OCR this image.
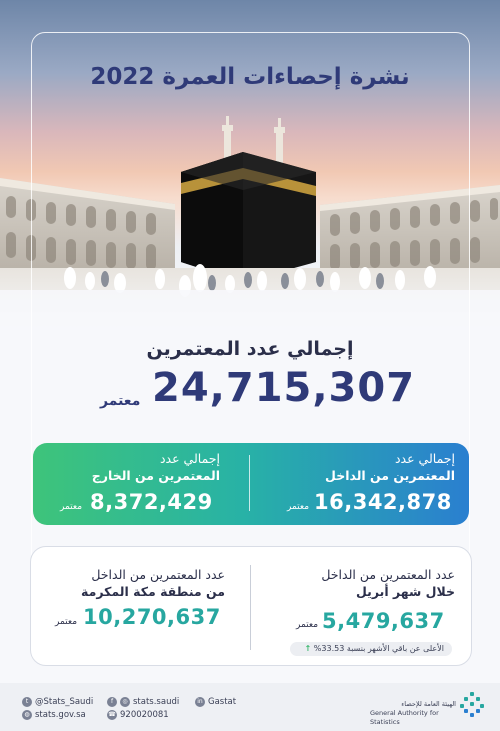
نشرة إحصاءات العمرة 2022
إجمالي عدد المعتمرين
24,715,307
معتمر
إجمالي عدد
المعتمرين من الداخل
16,342,878
معتمر
إجمالي عدد
المعتمرين من الخارج
8,372,429
معتمر
عدد المعتمرين من الداخل
خلال شهر أبريل
5,479,637
معتمر
الأعلى عن باقي الأشهر بنسبة 33.53% ↑
عدد المعتمرين من الداخل
من منطقة مكة المكرمة
10,270,637
معتمر
t @Stats_Saudi	f	◎ stats.saudi	in Gastat
◍ stats.gov.sa	☎ 920020081
الهيئة العامة للإحصاء
General Authority for Statistics
